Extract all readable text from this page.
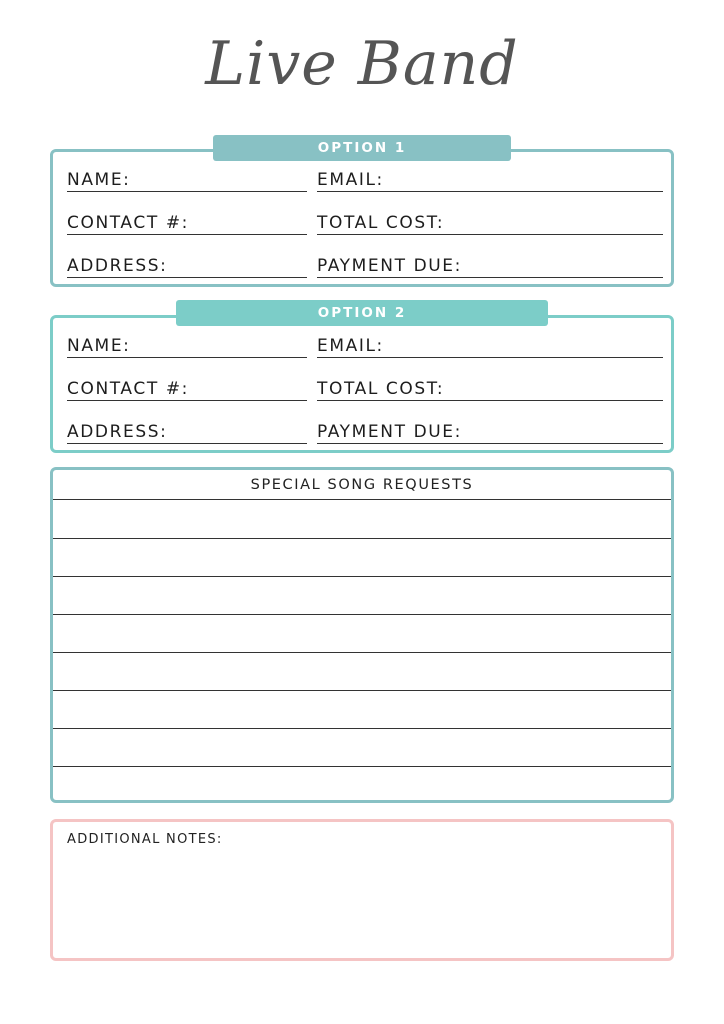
Live Band
NAME:	EMAIL:
CONTACT #:	TOTAL COST:
ADDRESS:	PAYMENT DUE:
OPTION 1
NAME:	EMAIL:
CONTACT #:	TOTAL COST:
ADDRESS:	PAYMENT DUE:
OPTION 2
SPECIAL SONG REQUESTS
ADDITIONAL NOTES:
